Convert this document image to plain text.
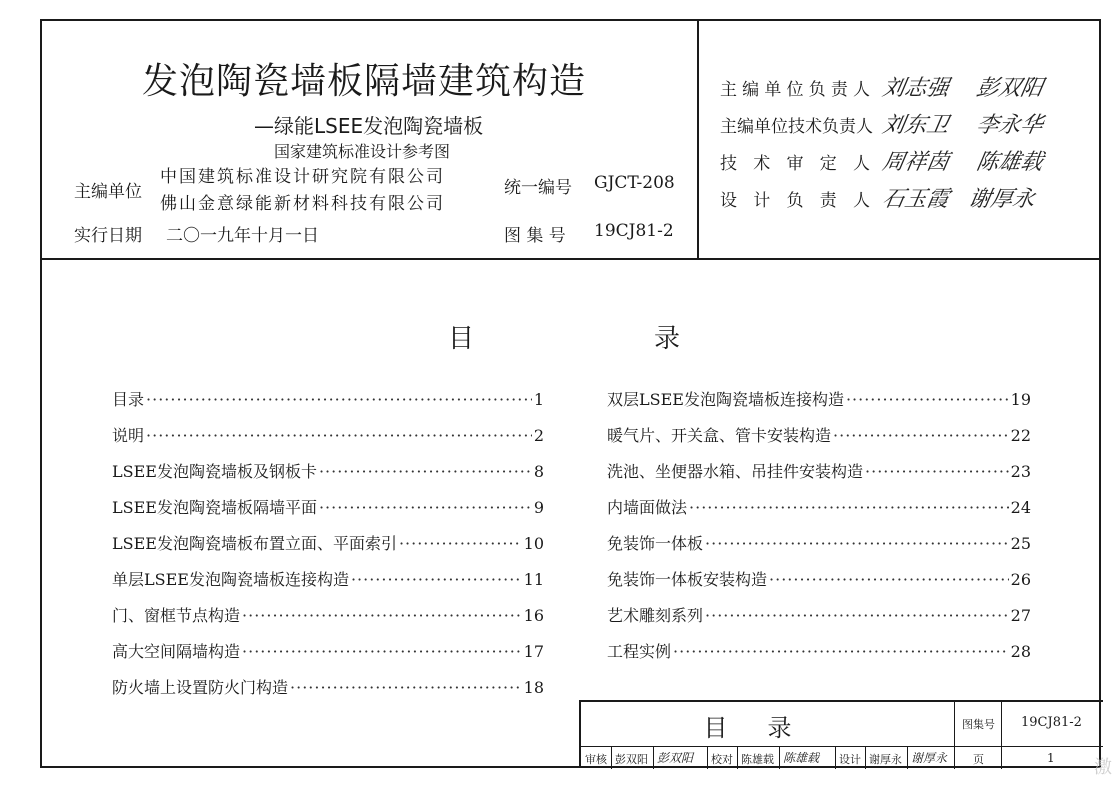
发泡陶瓷墙板隔墙建筑构造
—绿能LSEE发泡陶瓷墙板
国家建筑标准设计参考图
主编单位
中国建筑标准设计研究院有限公司
佛山金意绿能新材料科技有限公司
实行日期 二〇一九年十月一日
统一编号 GJCT-208
图 集 号 19CJ81-2
主编单位负责人 刘志强 彭双阳
主编单位技术负责人 刘东卫 李永华
技术审定人 周祥茵 陈雄载
设计负责人 石玉霞 谢厚永
目	录
目录 ·····	1
说明 ·····	2
LSEE发泡陶瓷墙板及钢板卡 ·····	8
LSEE发泡陶瓷墙板隔墙平面 ·····	9
LSEE发泡陶瓷墙板布置立面、平面索引 ·····	10
单层LSEE发泡陶瓷墙板连接构造 ·····	11
门、窗框节点构造 ·····	16
高大空间隔墙构造 ·····	17
防火墙上设置防火门构造 ·····	18
双层LSEE发泡陶瓷墙板连接构造 ·····	19
暖气片、开关盒、管卡安装构造 ·····	22
洗池、坐便器水箱、吊挂件安装构造 ·····	23
内墙面做法 ·····	24
免装饰一体板 ·····	25
免装饰一体板安装构造 ·····	26
艺术雕刻系列 ·····	27
工程实例 ·····	28
目录	图集号 19CJ81-2
审核 彭双阳 彭双阳 校对 陈雄载 陈雄载 设计 谢厚永 谢厚永 页	1 激
